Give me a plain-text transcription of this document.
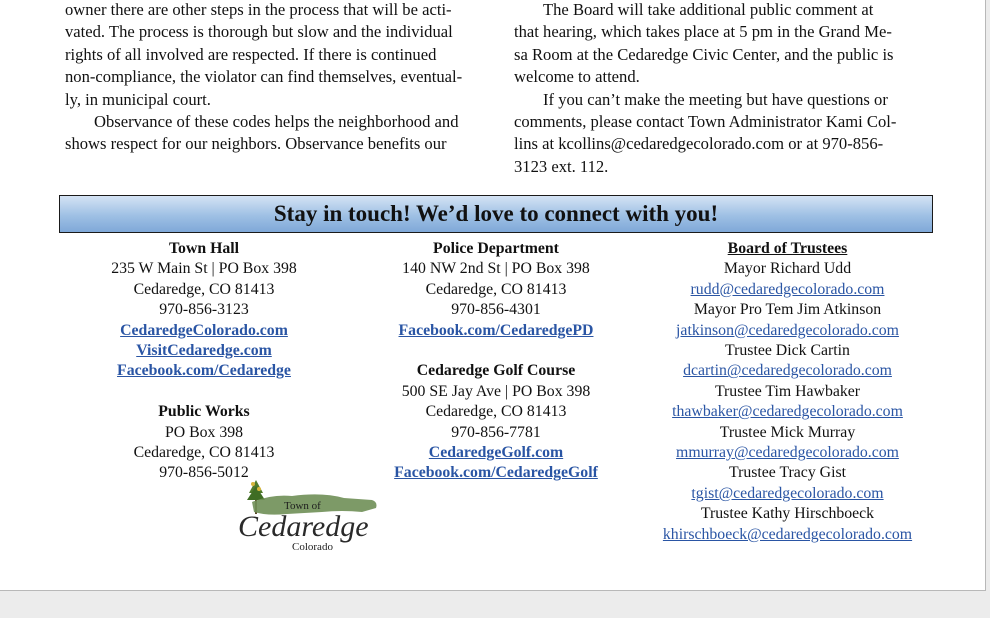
owner there are other steps in the process that will be acti-

vated. The process is thorough but slow and the individual

rights of all involved are respected. If there is continued

non-compliance, the violator can find themselves, eventual-

ly, in municipal court.

Observance of these codes helps the neighborhood and

shows respect for our neighbors. Observance benefits our

The Board will take additional public comment at

that hearing, which takes place at 5 pm in the Grand Me-

sa Room at the Cedaredge Civic Center, and the public is

welcome to attend.

If you can’t make the meeting but have questions or

comments, please contact Town Administrator Kami Col-

lins at kcollins@cedaredgecolorado.com or at 970-856-

3123 ext. 112.

Stay in touch! We’d love to connect with you!
Town Hall
235 W Main St | PO Box 398
Cedaredge, CO 81413
970-856-3123
CedaredgeColorado.com
VisitCedaredge.com
Facebook.com/Cedaredge
Public Works
PO Box 398
Cedaredge, CO 81413
970-856-5012
Police Department
140 NW 2nd St | PO Box 398
Cedaredge, CO 81413
970-856-4301
Facebook.com/CedaredgePD
Cedaredge Golf Course
500 SE Jay Ave | PO Box 398
Cedaredge, CO 81413
970-856-7781
CedaredgeGolf.com
Facebook.com/CedaredgeGolf
Board of Trustees
Mayor Richard Udd
rudd@cedaredgecolorado.com
Mayor Pro Tem Jim Atkinson
jatkinson@cedaredgecolorado.com
Trustee Dick Cartin
dcartin@cedaredgecolorado.com
Trustee Tim Hawbaker
thawbaker@cedaredgecolorado.com
Trustee Mick Murray
mmurray@cedaredgecolorado.com
Trustee Tracy Gist
tgist@cedaredgecolorado.com
Trustee Kathy Hirschboeck
khirschboeck@cedaredgecolorado.com
Town of
Cedaredge
Colorado
